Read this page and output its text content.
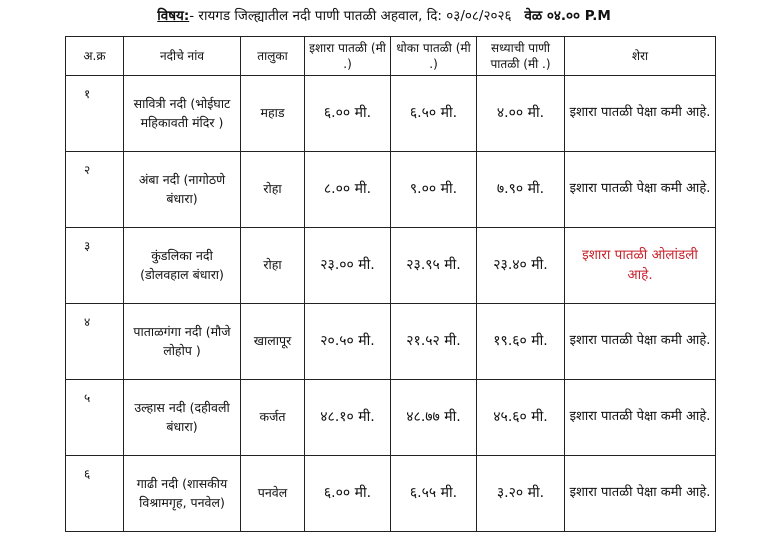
विषय:- रायगड जिल्ह्यातील नदी पाणी पातळी अहवाल, दि: ०३/०८/२०२६ वेळ ०४.०० P.M
अ.क्र	नदीचे नांव	तालुका	इशारा पातळी (मी .)	धोका पातळी (मी .)	सध्याची पाणी पातळी (मी .)	शेरा
१	सावित्री नदी (भोईघाट महिकावती मंदिर )	महाड	६.०० मी.	६.५० मी.	४.०० मी.	इशारा पातळी पेक्षा कमी आहे.
२	अंबा नदी (नागोठणे बंधारा)	रोहा	८.०० मी.	९.०० मी.	७.९० मी.	इशारा पातळी पेक्षा कमी आहे.
३	कुंडलिका नदी (डोलवहाल बंधारा)	रोहा	२३.०० मी.	२३.९५ मी.	२३.४० मी.	इशारा पातळी ओलांडली आहे.
४	पाताळगंगा नदी (मौजे लोहोप )	खालापूर	२०.५० मी.	२१.५२ मी.	१९.६० मी.	इशारा पातळी पेक्षा कमी आहे.
५	उल्हास नदी (दहीवली बंधारा)	कर्जत	४८.१० मी.	४८.७७ मी.	४५.६० मी.	इशारा पातळी पेक्षा कमी आहे.
६	गाढी नदी (शासकीय विश्रामगृह, पनवेल)	पनवेल	६.०० मी.	६.५५ मी.	३.२० मी.	इशारा पातळी पेक्षा कमी आहे.
